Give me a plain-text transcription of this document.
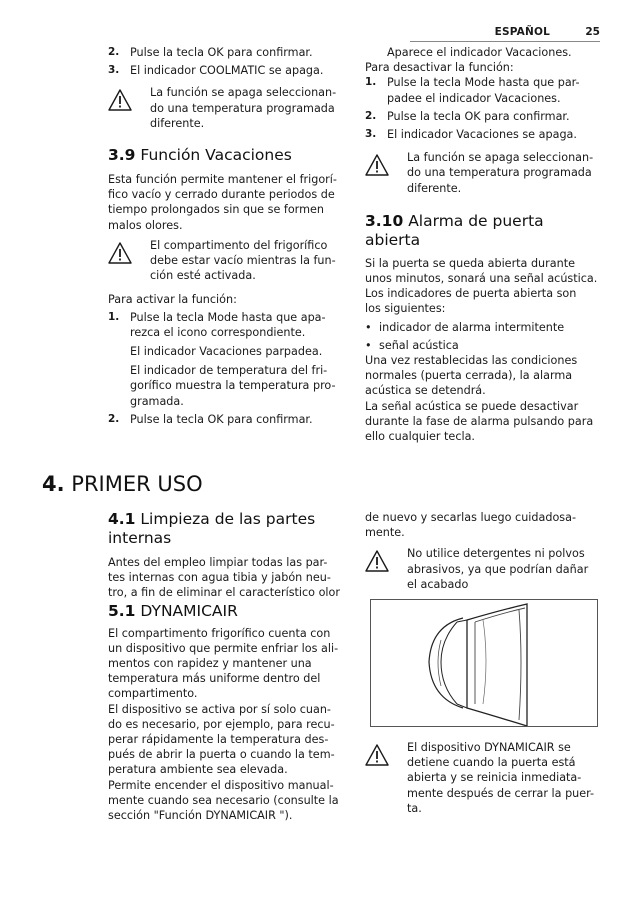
ESPAÑOL	25
2. Pulse la tecla OK para confirmar.
3. El indicador COOLMATIC se apaga.
La función se apaga seleccionan-
do una temperatura programada
diferente.
3.9 Función Vacaciones
Esta función permite mantener el frigorí-
fico vacío y cerrado durante periodos de
tiempo prolongados sin que se formen
malos olores.
El compartimento del frigorífico
debe estar vacío mientras la fun-
ción esté activada.
Para activar la función:
1. Pulse la tecla Mode hasta que apa-
rezca el icono correspondiente.
El indicador Vacaciones parpadea.
El indicador de temperatura del fri-
gorífico muestra la temperatura pro-
gramada.
2. Pulse la tecla OK para confirmar.
Aparece el indicador Vacaciones.
Para desactivar la función:
1. Pulse la tecla Mode hasta que par-
padee el indicador Vacaciones.
2. Pulse la tecla OK para confirmar.
3. El indicador Vacaciones se apaga.
La función se apaga seleccionan-
do una temperatura programada
diferente.
3.10 Alarma de puerta abierta
Si la puerta se queda abierta durante
unos minutos, sonará una señal acústica.
Los indicadores de puerta abierta son
los siguientes:
• indicador de alarma intermitente
• señal acústica
Una vez restablecidas las condiciones
normales (puerta cerrada), la alarma
acústica se detendrá.
La señal acústica se puede desactivar
durante la fase de alarma pulsando para
ello cualquier tecla.
4. PRIMER USO
4.1 Limpieza de las partes
internas
Antes del empleo limpiar todas las par-
tes internas con agua tibia y jabón neu-
tro, a fin de eliminar el característico olor
5.1 DYNAMICAIR
El compartimento frigorífico cuenta con
un dispositivo que permite enfriar los ali-
mentos con rapidez y mantener una
temperatura más uniforme dentro del
compartimento.
El dispositivo se activa por sí solo cuan-
do es necesario, por ejemplo, para recu-
perar rápidamente la temperatura des-
pués de abrir la puerta o cuando la tem-
peratura ambiente sea elevada.
Permite encender el dispositivo manual-
mente cuando sea necesario (consulte la
sección "Función DYNAMICAIR ").
de nuevo y secarlas luego cuidadosa-
mente.
No utilice detergentes ni polvos
abrasivos, ya que podrían dañar
el acabado
El dispositivo DYNAMICAIR se
detiene cuando la puerta está
abierta y se reinicia inmediata-
mente después de cerrar la puer-
ta.
